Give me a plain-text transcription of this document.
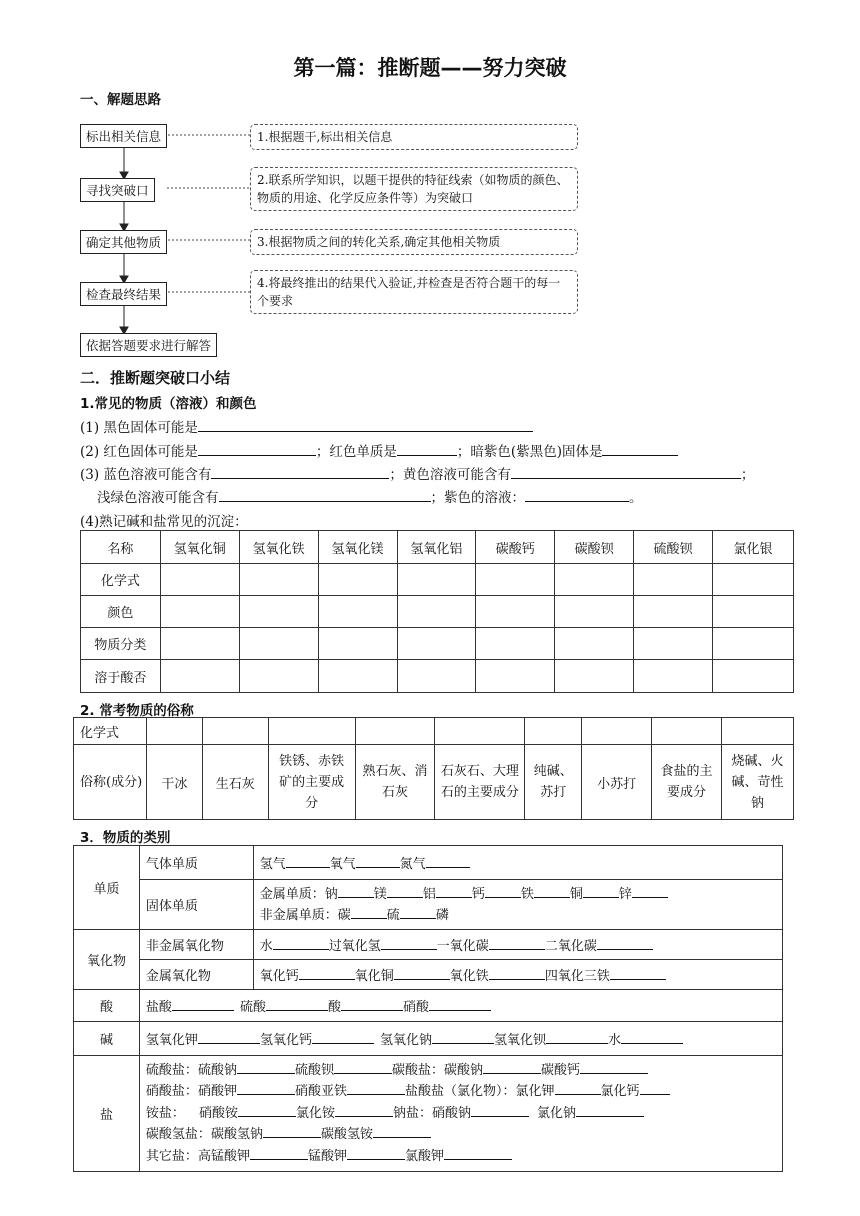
第一篇：推断题——努力突破
一、解题思路
标出相关信息
寻找突破口
确定其他物质
检查最终结果
依据答题要求进行解答
1.根据题干,标出相关信息
2.联系所学知识，以题干提供的特征线索（如物质的颜色、物质的用途、化学反应条件等）为突破口
3.根据物质之间的转化关系,确定其他相关物质
4.将最终推出的结果代入验证,并检查是否符合题干的每一个要求
二．推断题突破口小结
1.常见的物质（溶液）和颜色
(1) 黑色固体可能是
(2) 红色固体可能是	；红色单质是	；暗紫色(紫黑色)固体是
(3) 蓝色溶液可能含有	；黄色溶液可能含有	；
浅绿色溶液可能含有	；紫色的溶液：	。
(4)熟记碱和盐常见的沉淀：
名称	氢氧化铜	氢氧化铁	氢氧化镁	氢氧化铝	碳酸钙	碳酸钡	硫酸钡	氯化银
化学式								
颜色								
物质分类								
溶于酸否								
2. 常考物质的俗称
化学式									
俗称(成分)	干冰	生石灰	铁锈、赤铁矿的主要成分	熟石灰、消石灰	石灰石、大理石的主要成分	纯碱、苏打	小苏打	食盐的主要成分	烧碱、火碱、苛性钠
3．物质的类别
单质	气体单质	氢气 氧气 氮气
	固体单质	金属单质：钠 镁 铝 钙 铁 铜 锌
非金属单质：碳 硫 磷

氧化物	非金属氧化物	水 过氧化氢 一氧化碳 二氧化碳
	金属氧化物	氧化钙 氧化铜 氧化铁 四氧化三铁
酸	盐酸 硫酸 酸 硝酸	
碱	氢氧化钾 氢氧化钙 氢氧化钠 氢氧化钡 水	
盐	硫酸盐：硫酸钠 硫酸钡 碳酸盐：碳酸钠 碳酸钙
硝酸盐：硝酸钾 硝酸亚铁 盐酸盐（氯化物）：氯化钾 氯化钙
铵盐： 硝酸铵 氯化铵 钠盐：硝酸钠 氯化钠
碳酸氢盐：碳酸氢钠 碳酸氢铵
其它盐：高锰酸钾 锰酸钾 氯酸钾	
